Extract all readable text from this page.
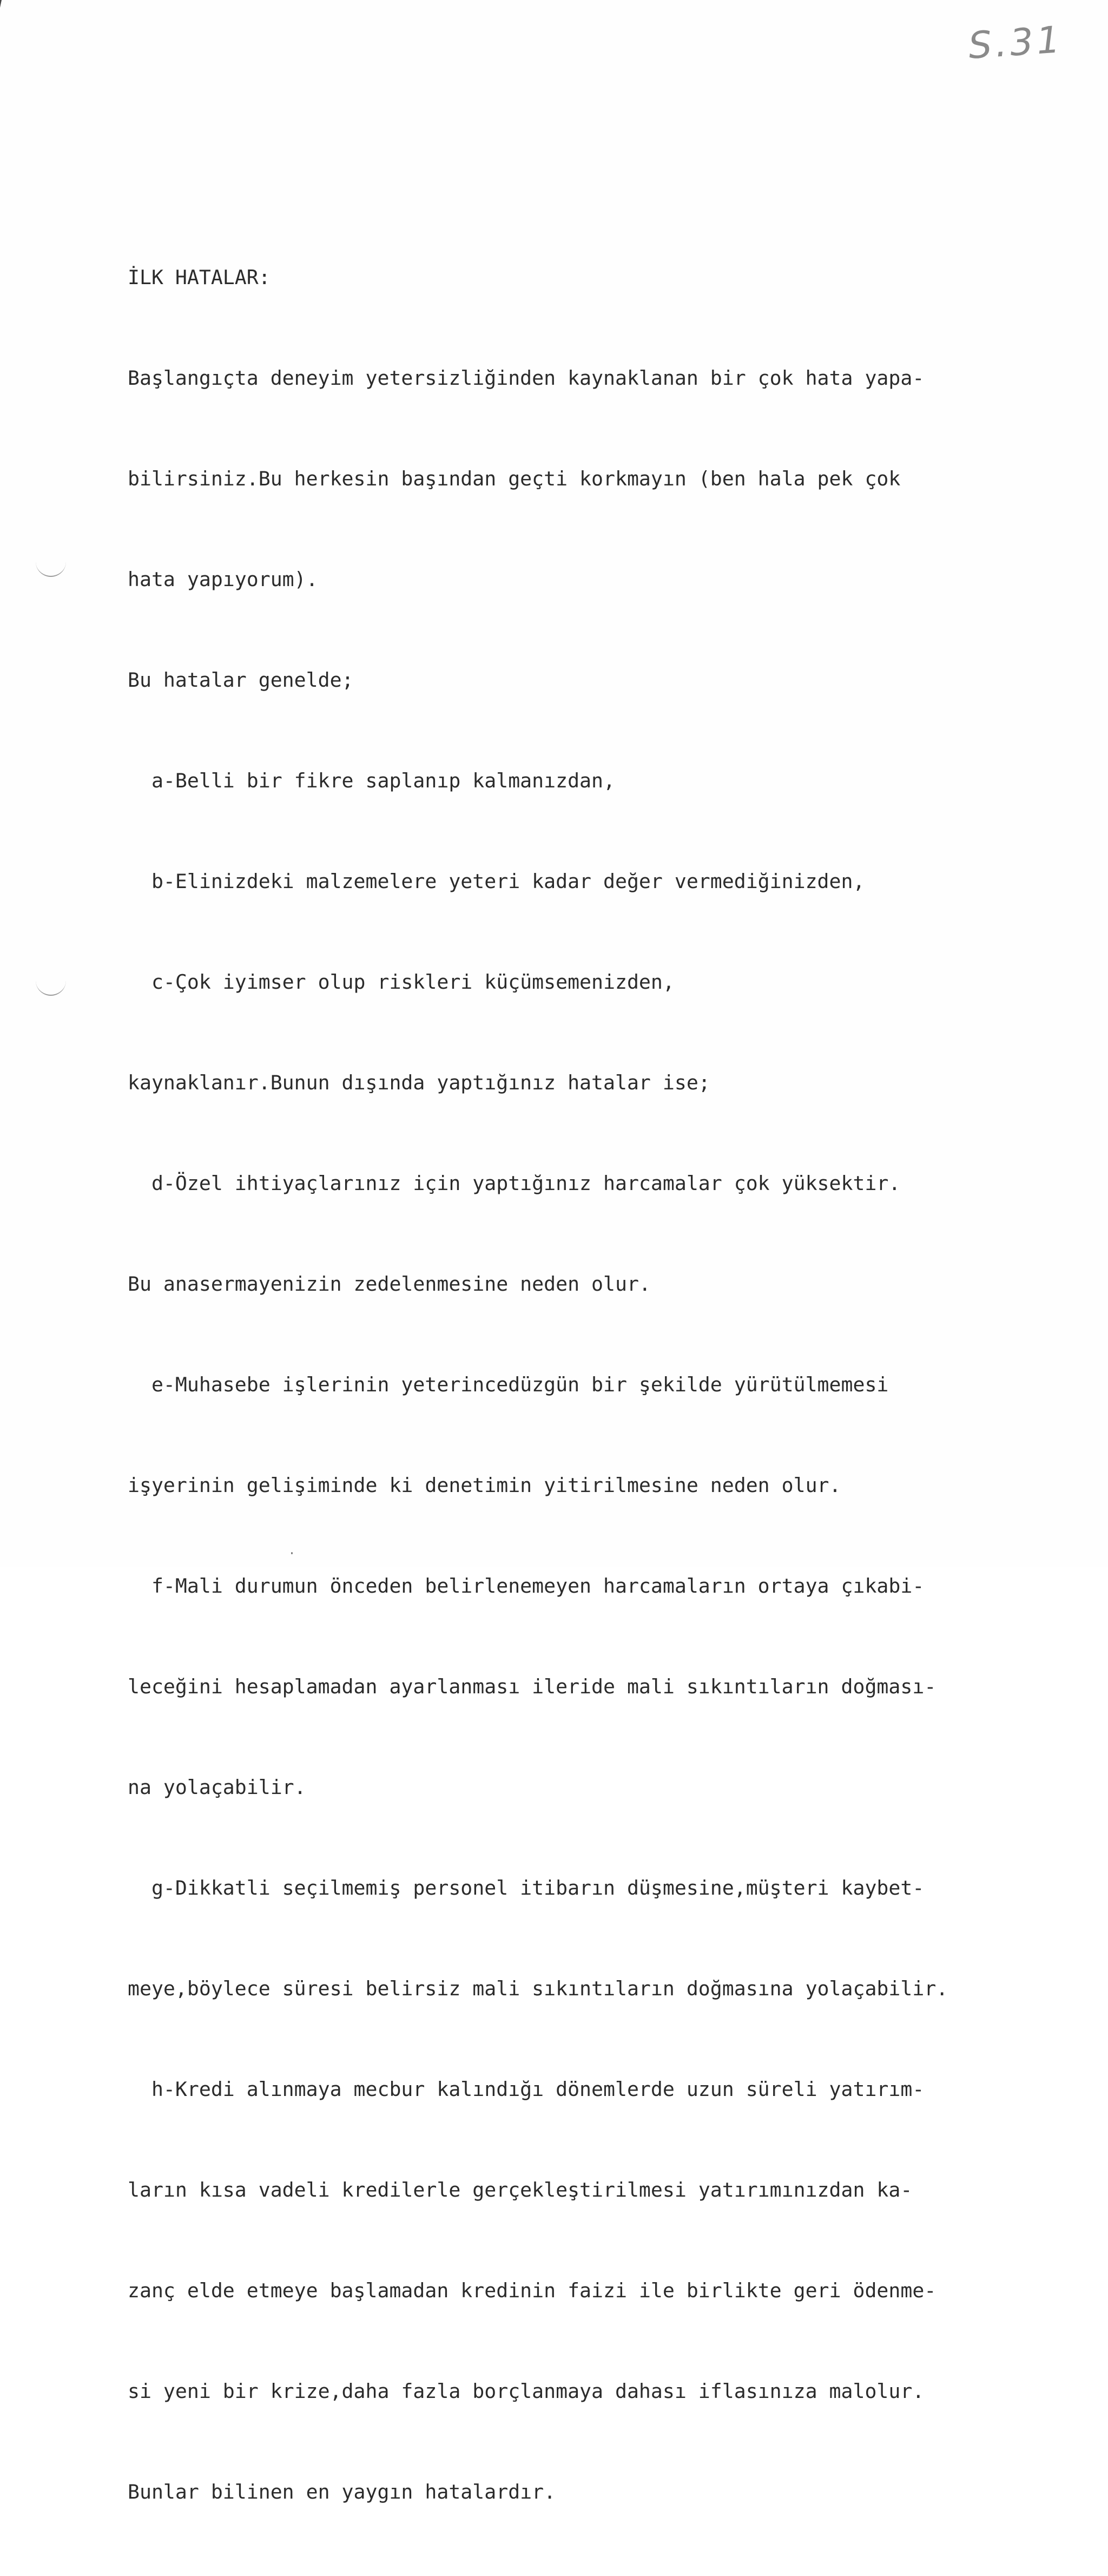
S.31

İLK HATALAR:

Başlangıçta deneyim yetersizliğinden kaynaklanan bir çok hata yapa-

bilirsiniz.Bu herkesin başından geçti korkmayın (ben hala pek çok

hata yapıyorum).

Bu hatalar genelde;

a-Belli bir fikre saplanıp kalmanızdan,

b-Elinizdeki malzemelere yeteri kadar değer vermediğinizden,

c-Çok iyimser olup riskleri küçümsemenizden,

kaynaklanır.Bunun dışında yaptığınız hatalar ise;

d-Özel ihtiyaçlarınız için yaptığınız harcamalar çok yüksektir.

Bu anasermayenizin zedelenmesine neden olur.

e-Muhasebe işlerinin yeterincedüzgün bir şekilde yürütülmemesi

işyerinin gelişiminde ki denetimin yitirilmesine neden olur.

f-Mali durumun önceden belirlenemeyen harcamaların ortaya çıkabi-

leceğini hesaplamadan ayarlanması ileride mali sıkıntıların doğması-

na yolaçabilir.

g-Dikkatli seçilmemiş personel itibarın düşmesine,müşteri kaybet-

meye,böylece süresi belirsiz mali sıkıntıların doğmasına yolaçabilir.

h-Kredi alınmaya mecbur kalındığı dönemlerde uzun süreli yatırım-

ların kısa vadeli kredilerle gerçekleştirilmesi yatırımınızdan ka-

zanç elde etmeye başlamadan kredinin faizi ile birlikte geri ödenme-

si yeni bir krize,daha fazla borçlanmaya dahası iflasınıza malolur.

Bunlar bilinen en yaygın hatalardır.
